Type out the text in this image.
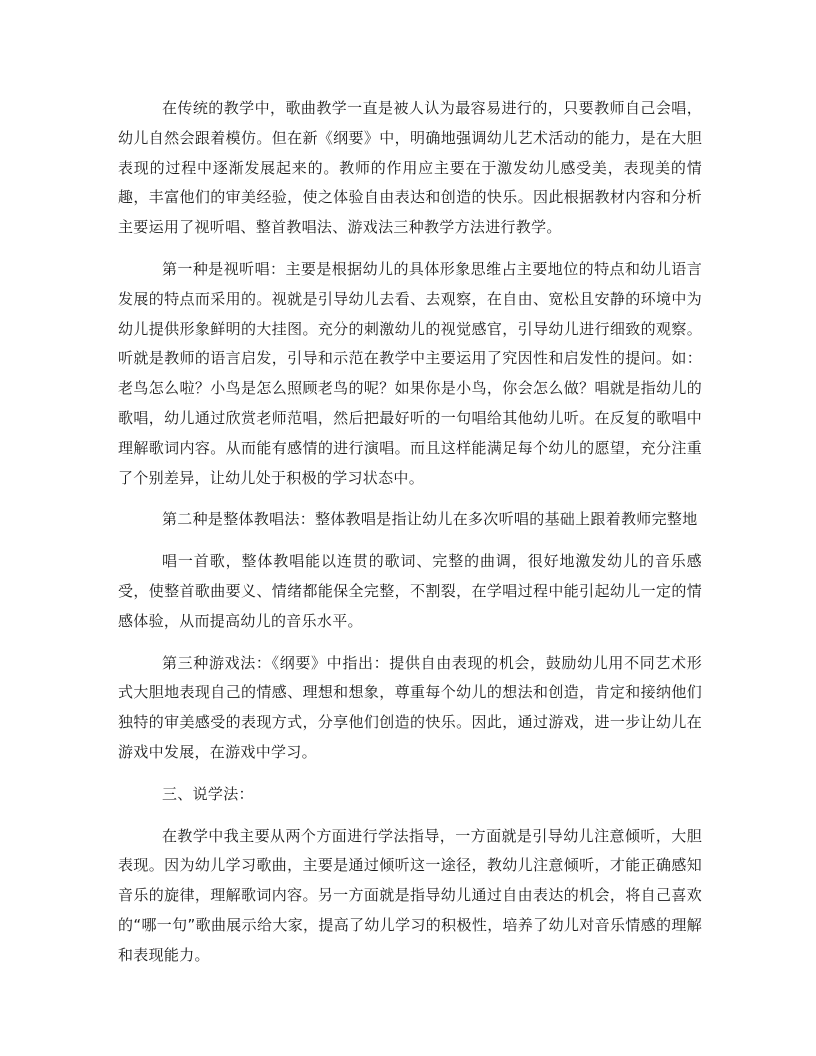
在传统的教学中，歌曲教学一直是被人认为最容易进行的，只要教师自己会唱，幼儿自然会跟着模仿。但在新《纲要》中，明确地强调幼儿艺术活动的能力，是在大胆表现的过程中逐渐发展起来的。教师的作用应主要在于激发幼儿感受美，表现美的情趣，丰富他们的审美经验，使之体验自由表达和创造的快乐。因此根据教材内容和分析主要运用了视听唱、整首教唱法、游戏法三种教学方法进行教学。

第一种是视听唱：主要是根据幼儿的具体形象思维占主要地位的特点和幼儿语言发展的特点而采用的。视就是引导幼儿去看、去观察，在自由、宽松且安静的环境中为幼儿提供形象鲜明的大挂图。充分的刺激幼儿的视觉感官，引导幼儿进行细致的观察。听就是教师的语言启发，引导和示范在教学中主要运用了究因性和启发性的提问。如：老鸟怎么啦？小鸟是怎么照顾老鸟的呢？如果你是小鸟，你会怎么做？唱就是指幼儿的歌唱，幼儿通过欣赏老师范唱，然后把最好听的一句唱给其他幼儿听。在反复的歌唱中理解歌词内容。从而能有感情的进行演唱。而且这样能满足每个幼儿的愿望，充分注重了个别差异，让幼儿处于积极的学习状态中。

第二种是整体教唱法：整体教唱是指让幼儿在多次听唱的基础上跟着教师完整地

唱一首歌，整体教唱能以连贯的歌词、完整的曲调，很好地激发幼儿的音乐感受，使整首歌曲要义、情绪都能保全完整，不割裂，在学唱过程中能引起幼儿一定的情感体验，从而提高幼儿的音乐水平。

第三种游戏法：《纲要》中指出：提供自由表现的机会，鼓励幼儿用不同艺术形式大胆地表现自己的情感、理想和想象，尊重每个幼儿的想法和创造，肯定和接纳他们独特的审美感受的表现方式，分享他们创造的快乐。因此，通过游戏，进一步让幼儿在游戏中发展，在游戏中学习。

三、说学法：

在教学中我主要从两个方面进行学法指导，一方面就是引导幼儿注意倾听，大胆表现。因为幼儿学习歌曲，主要是通过倾听这一途径，教幼儿注意倾听，才能正确感知音乐的旋律，理解歌词内容。另一方面就是指导幼儿通过自由表达的机会，将自己喜欢的“哪一句”歌曲展示给大家，提高了幼儿学习的积极性，培养了幼儿对音乐情感的理解和表现能力。
